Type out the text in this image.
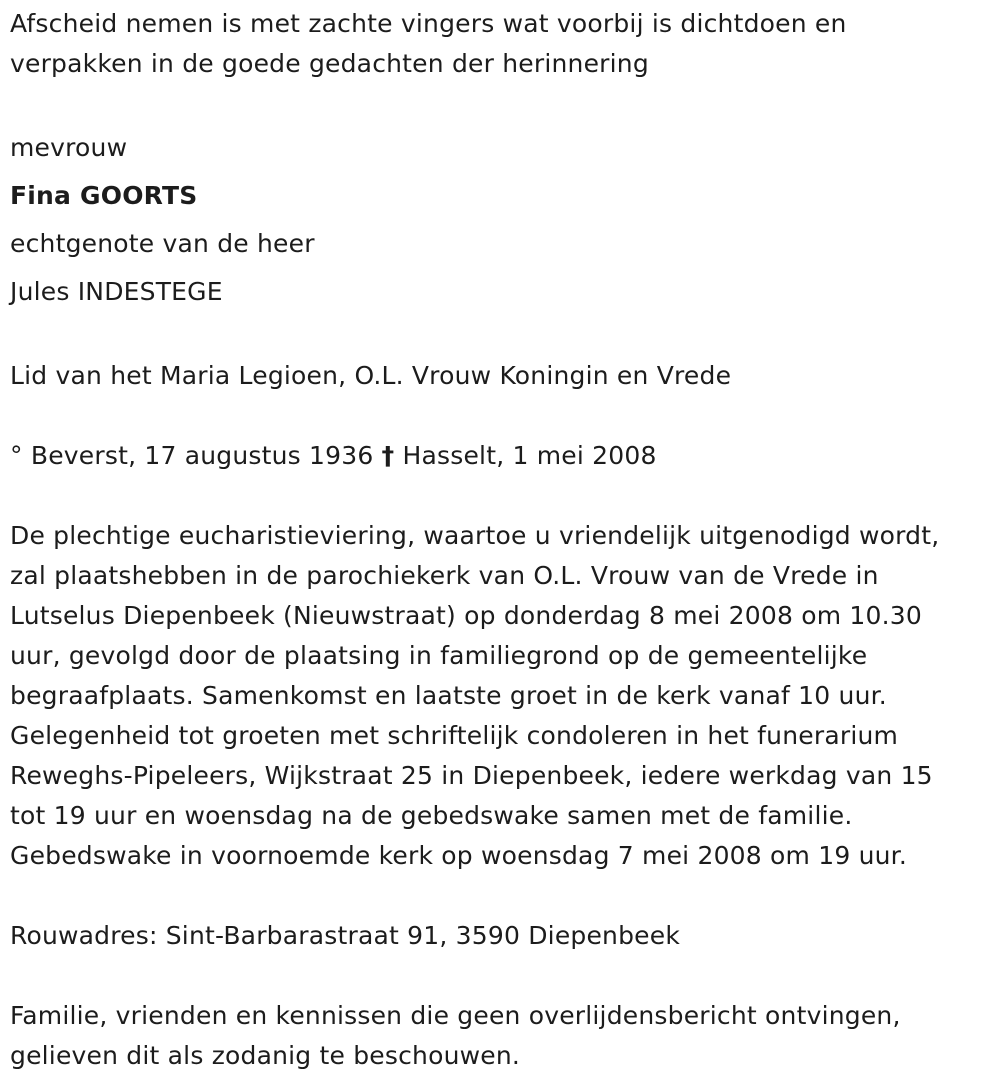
Afscheid nemen is met zachte vingers wat voorbij is dichtdoen en
verpakken in de goede gedachten der herinnering
mevrouw
Fina GOORTS
echtgenote van de heer
Jules INDESTEGE
Lid van het Maria Legioen, O.L. Vrouw Koningin en Vrede
° Beverst, 17 augustus 1936 † Hasselt, 1 mei 2008
De plechtige eucharistieviering, waartoe u vriendelijk uitgenodigd wordt,
zal plaatshebben in de parochiekerk van O.L. Vrouw van de Vrede in
Lutselus Diepenbeek (Nieuwstraat) op donderdag 8 mei 2008 om 10.30
uur, gevolgd door de plaatsing in familiegrond op de gemeentelijke
begraafplaats. Samenkomst en laatste groet in de kerk vanaf 10 uur.
Gelegenheid tot groeten met schriftelijk condoleren in het funerarium
Reweghs-Pipeleers, Wijkstraat 25 in Diepenbeek, iedere werkdag van 15
tot 19 uur en woensdag na de gebedswake samen met de familie.
Gebedswake in voornoemde kerk op woensdag 7 mei 2008 om 19 uur.
Rouwadres: Sint-Barbarastraat 91, 3590 Diepenbeek
Familie, vrienden en kennissen die geen overlijdensbericht ontvingen,
gelieven dit als zodanig te beschouwen.
